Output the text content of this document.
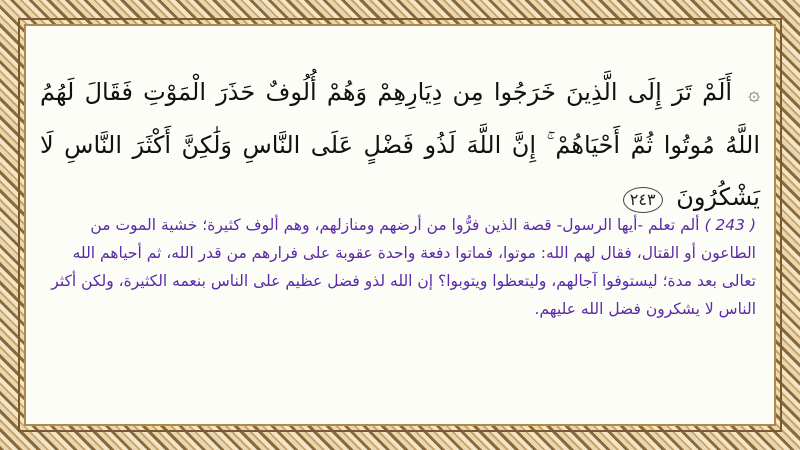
۞ أَلَمْ تَرَ إِلَى الَّذِينَ خَرَجُوا مِن دِيَارِهِمْ وَهُمْ أُلُوفٌ حَذَرَ الْمَوْتِ فَقَالَ لَهُمُ اللَّهُ مُوتُوا ثُمَّ أَحْيَاهُمْ ۚ إِنَّ اللَّهَ لَذُو فَضْلٍ عَلَى النَّاسِ وَلَٰكِنَّ أَكْثَرَ النَّاسِ لَا يَشْكُرُونَ ٢٤٣
( 243 ) ألم تعلم -أيها الرسول- قصة الذين فرُّوا من أرضهم ومنازلهم، وهم ألوف كثيرة؛ خشية الموت من الطاعون أو القتال، فقال لهم الله: موتوا، فماتوا دفعة واحدة عقوبة على فرارهم من قدر الله، ثم أحياهم الله تعالى بعد مدة؛ ليستوفوا آجالهم، وليتعظوا ويتوبوا؟ إن الله لذو فضل عظيم على الناس بنعمه الكثيرة، ولكن أكثر الناس لا يشكرون فضل الله عليهم.
